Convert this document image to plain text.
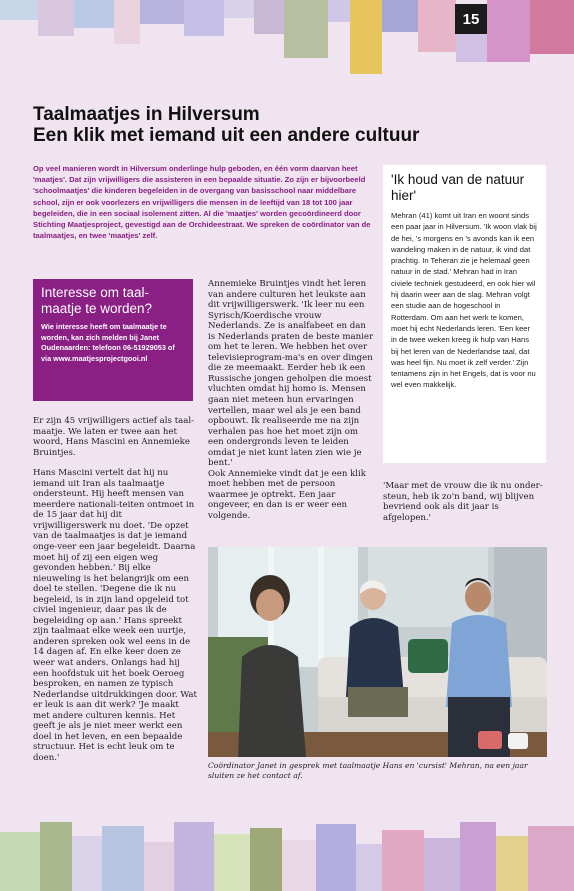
15
Taalmaatjes in Hilversum
Een klik met iemand uit een andere cultuur

Op veel manieren wordt in Hilversum onderlinge hulp geboden, en één vorm daarvan heet 'maatjes'. Dat zijn vrijwilligers die assisteren in een bepaalde situatie. Zo zijn er bijvoorbeeld 'schoolmaatjes' die kinderen begeleiden in de overgang van basisschool naar middelbare school, zijn er ook voorlezers en vrijwilligers die mensen in de leeftijd van 18 tot 100 jaar begeleiden, die in een sociaal isolement zitten. Al die 'maatjes' worden gecoördineerd door Stichting Maatjesproject, gevestigd aan de Orchideestraat. We spreken de coördinator van de taalmaatjes, en twee 'maatjes' zelf.

Interesse om taal-maatje te worden?

Wie interesse heeft om taalmaatje te worden, kan zich melden bij Janet Oudenaarden: telefoon 06-51929053 of via www.maatjesprojectgooi.nl

Er zijn 45 vrijwilligers actief als taal-maatje. We laten er twee aan het woord, Hans Mascini en Annemieke Bruintjes.

Hans Mascini vertelt dat hij nu iemand uit Iran als taalmaatje ondersteunt. Hij heeft mensen van meerdere nationali-teiten ontmoet in de 15 jaar dat hij dit vrijwilligerswerk nu doet. 'De opzet van de taalmaatjes is dat je iemand onge-veer een jaar begeleidt. Daarna moet hij of zij een eigen weg gevonden hebben.' Bij elke nieuweling is het belangrijk om een doel te stellen. 'Degene die ik nu begeleid, is in zijn land opgeleid tot civiel ingenieur, daar pas ik de begeleiding op aan.' Hans spreekt zijn taalmaat elke week een uurtje, anderen spreken ook wel eens in de 14 dagen af. En elke keer doen ze weer wat anders. Onlangs had hij een hoofdstuk uit het boek Oeroeg besproken, en namen ze typisch Nederlandse uitdrukkingen door. Wat er leuk is aan dit werk? 'Je maakt met andere culturen kennis. Het geeft je als je niet meer werkt een doel in het leven, en een bepaalde structuur. Het is echt leuk om te doen.'

Annemieke Bruintjes vindt het leren van andere culturen het leukste aan dit vrijwilligerswerk. 'Ik leer nu een Syrisch/Koerdische vrouw Nederlands. Ze is analfabeet en dan is Nederlands praten de beste manier om het te leren. We hebben het over televisieprogram-ma's en over dingen die ze meemaakt. Eerder heb ik een Russische jongen geholpen die moest vluchten omdat hij homo is. Mensen gaan niet meteen hun ervaringen vertellen, maar wel als je een band opbouwt. Ik realiseerde me na zijn verhalen pas hoe het moet zijn om een ondergronds leven te leiden omdat je niet kunt laten zien wie je bent.'

Ook Annemieke vindt dat je een klik moet hebben met de persoon waarmee je optrekt. Een jaar ongeveer, en dan is er weer een volgende.

'Ik houd van de natuur hier'

Mehran (41) komt uit Iran en woont sinds een paar jaar in Hilversum. 'Ik woon vlak bij de hei, 's morgens en 's avonds kan ik een wandeling maken in de natuur, ik vind dat prachtig. In Teheran zie je helemaal geen natuur in de stad.' Mehran had in Iran civiele techniek gestudeerd, en ook hier wil hij daarin weer aan de slag. Mehran volgt een studie aan de hogeschool in Rotterdam. Om aan het werk te komen, moet hij echt Nederlands leren. 'Een keer in de twee weken kreeg ik hulp van Hans bij het leren van de Nederlandse taal, dat was heel fijn. Nu moet ik zelf verder.' Zijn tentamens zijn in het Engels, dat is voor nu wel even makkelijk.

'Maar met de vrouw die ik nu onder-steun, heb ik zo'n band, wij blijven bevriend ook als dit jaar is afgelopen.'

Coördinator Janet in gesprek met taalmaatje Hans en 'cursist' Mehran, na een jaar sluiten ze het contact af.
